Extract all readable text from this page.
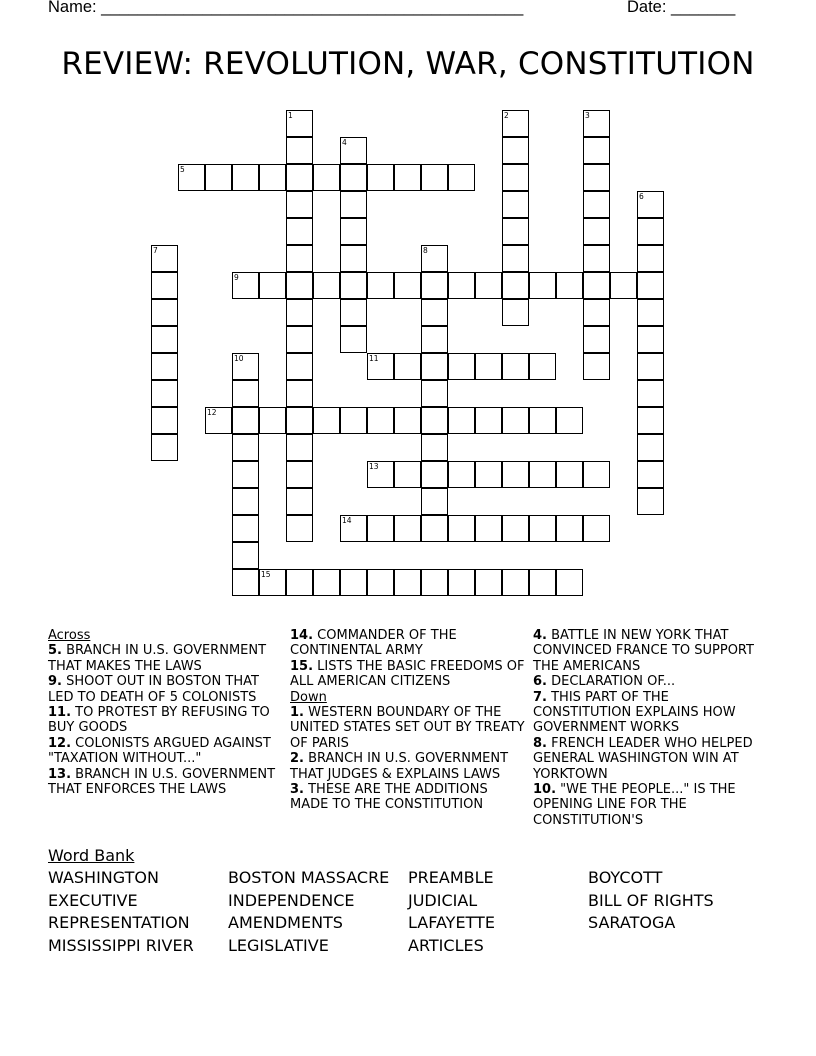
Name: ______________________________________________	Date: _______
REVIEW: REVOLUTION, WAR, CONSTITUTION
5
9
11
12
13
14
15
1	2	3
4
6
7	8
10
Across
5. BRANCH IN U.S. GOVERNMENT THAT MAKES THE LAWS
9. SHOOT OUT IN BOSTON THAT LED TO DEATH OF 5 COLONISTS
11. TO PROTEST BY REFUSING TO BUY GOODS
12. COLONISTS ARGUED AGAINST "TAXATION WITHOUT..."
13. BRANCH IN U.S. GOVERNMENT THAT ENFORCES THE LAWS
14. COMMANDER OF THE CONTINENTAL ARMY
15. LISTS THE BASIC FREEDOMS OF ALL AMERICAN CITIZENS
Down
1. WESTERN BOUNDARY OF THE UNITED STATES SET OUT BY TREATY OF PARIS
2. BRANCH IN U.S. GOVERNMENT THAT JUDGES & EXPLAINS LAWS
3. THESE ARE THE ADDITIONS MADE TO THE CONSTITUTION
4. BATTLE IN NEW YORK THAT CONVINCED FRANCE TO SUPPORT THE AMERICANS
6. DECLARATION OF...
7. THIS PART OF THE CONSTITUTION EXPLAINS HOW GOVERNMENT WORKS
8. FRENCH LEADER WHO HELPED GENERAL WASHINGTON WIN AT YORKTOWN
10. "WE THE PEOPLE..." IS THE OPENING LINE FOR THE CONSTITUTION'S
Word Bank
WASHINGTON
EXECUTIVE
REPRESENTATION
MISSISSIPPI RIVER
BOSTON MASSACRE
INDEPENDENCE
AMENDMENTS
LEGISLATIVE
PREAMBLE
JUDICIAL
LAFAYETTE
ARTICLES
BOYCOTT
BILL OF RIGHTS
SARATOGA
